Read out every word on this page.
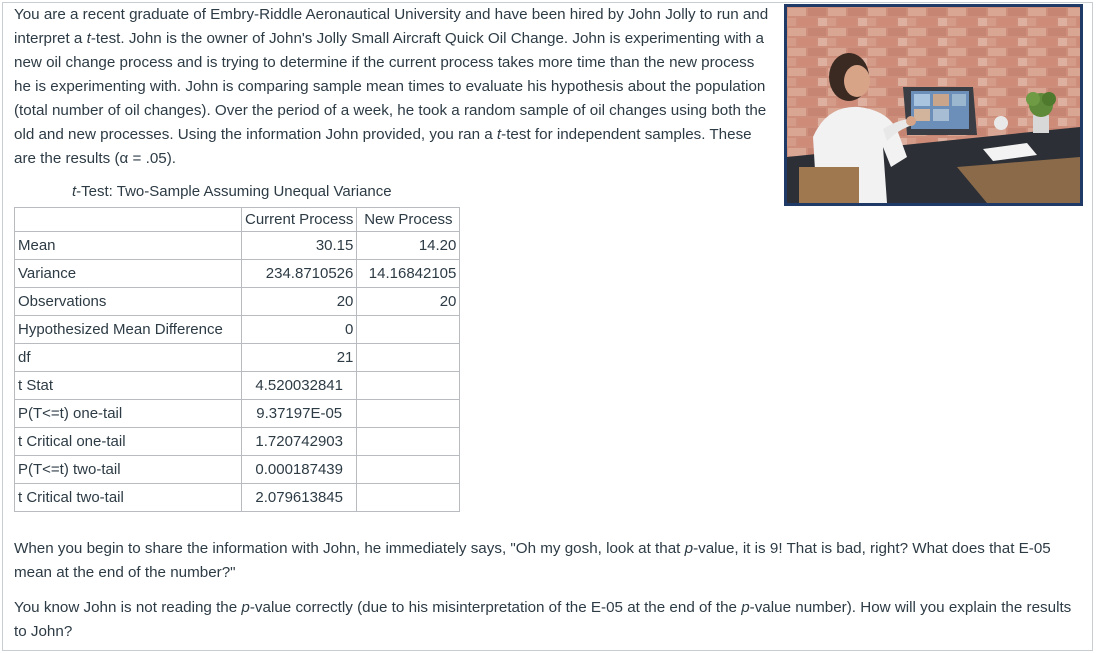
You are a recent graduate of Embry-Riddle Aeronautical University and have been hired by John Jolly to run and interpret a t-test. John is the owner of John's Jolly Small Aircraft Quick Oil Change. John is experimenting with a new oil change process and is trying to determine if the current process takes more time than the new process he is experimenting with. John is comparing sample mean times to evaluate his hypothesis about the population (total number of oil changes). Over the period of a week, he took a random sample of oil changes using both the old and new processes. Using the information John provided, you ran a t-test for independent samples. These are the results (α = .05).

t-Test: Two-Sample Assuming Unequal Variance
	Current Process	New Process
Mean	30.15	14.20
Variance	234.8710526	14.16842105
Observations	20	20
Hypothesized Mean Difference	0	
df	21	
t Stat	4.520032841	
P(T<=t) one-tail	9.37197E-05	
t Critical one-tail	1.720742903	
P(T<=t) two-tail	0.000187439	
t Critical two-tail	2.079613845	

When you begin to share the information with John, he immediately says, "Oh my gosh, look at that p-value, it is 9! That is bad, right? What does that E-05 mean at the end of the number?"

You know John is not reading the p-value correctly (due to his misinterpretation of the E-05 at the end of the p-value number). How will you explain the results to John?
